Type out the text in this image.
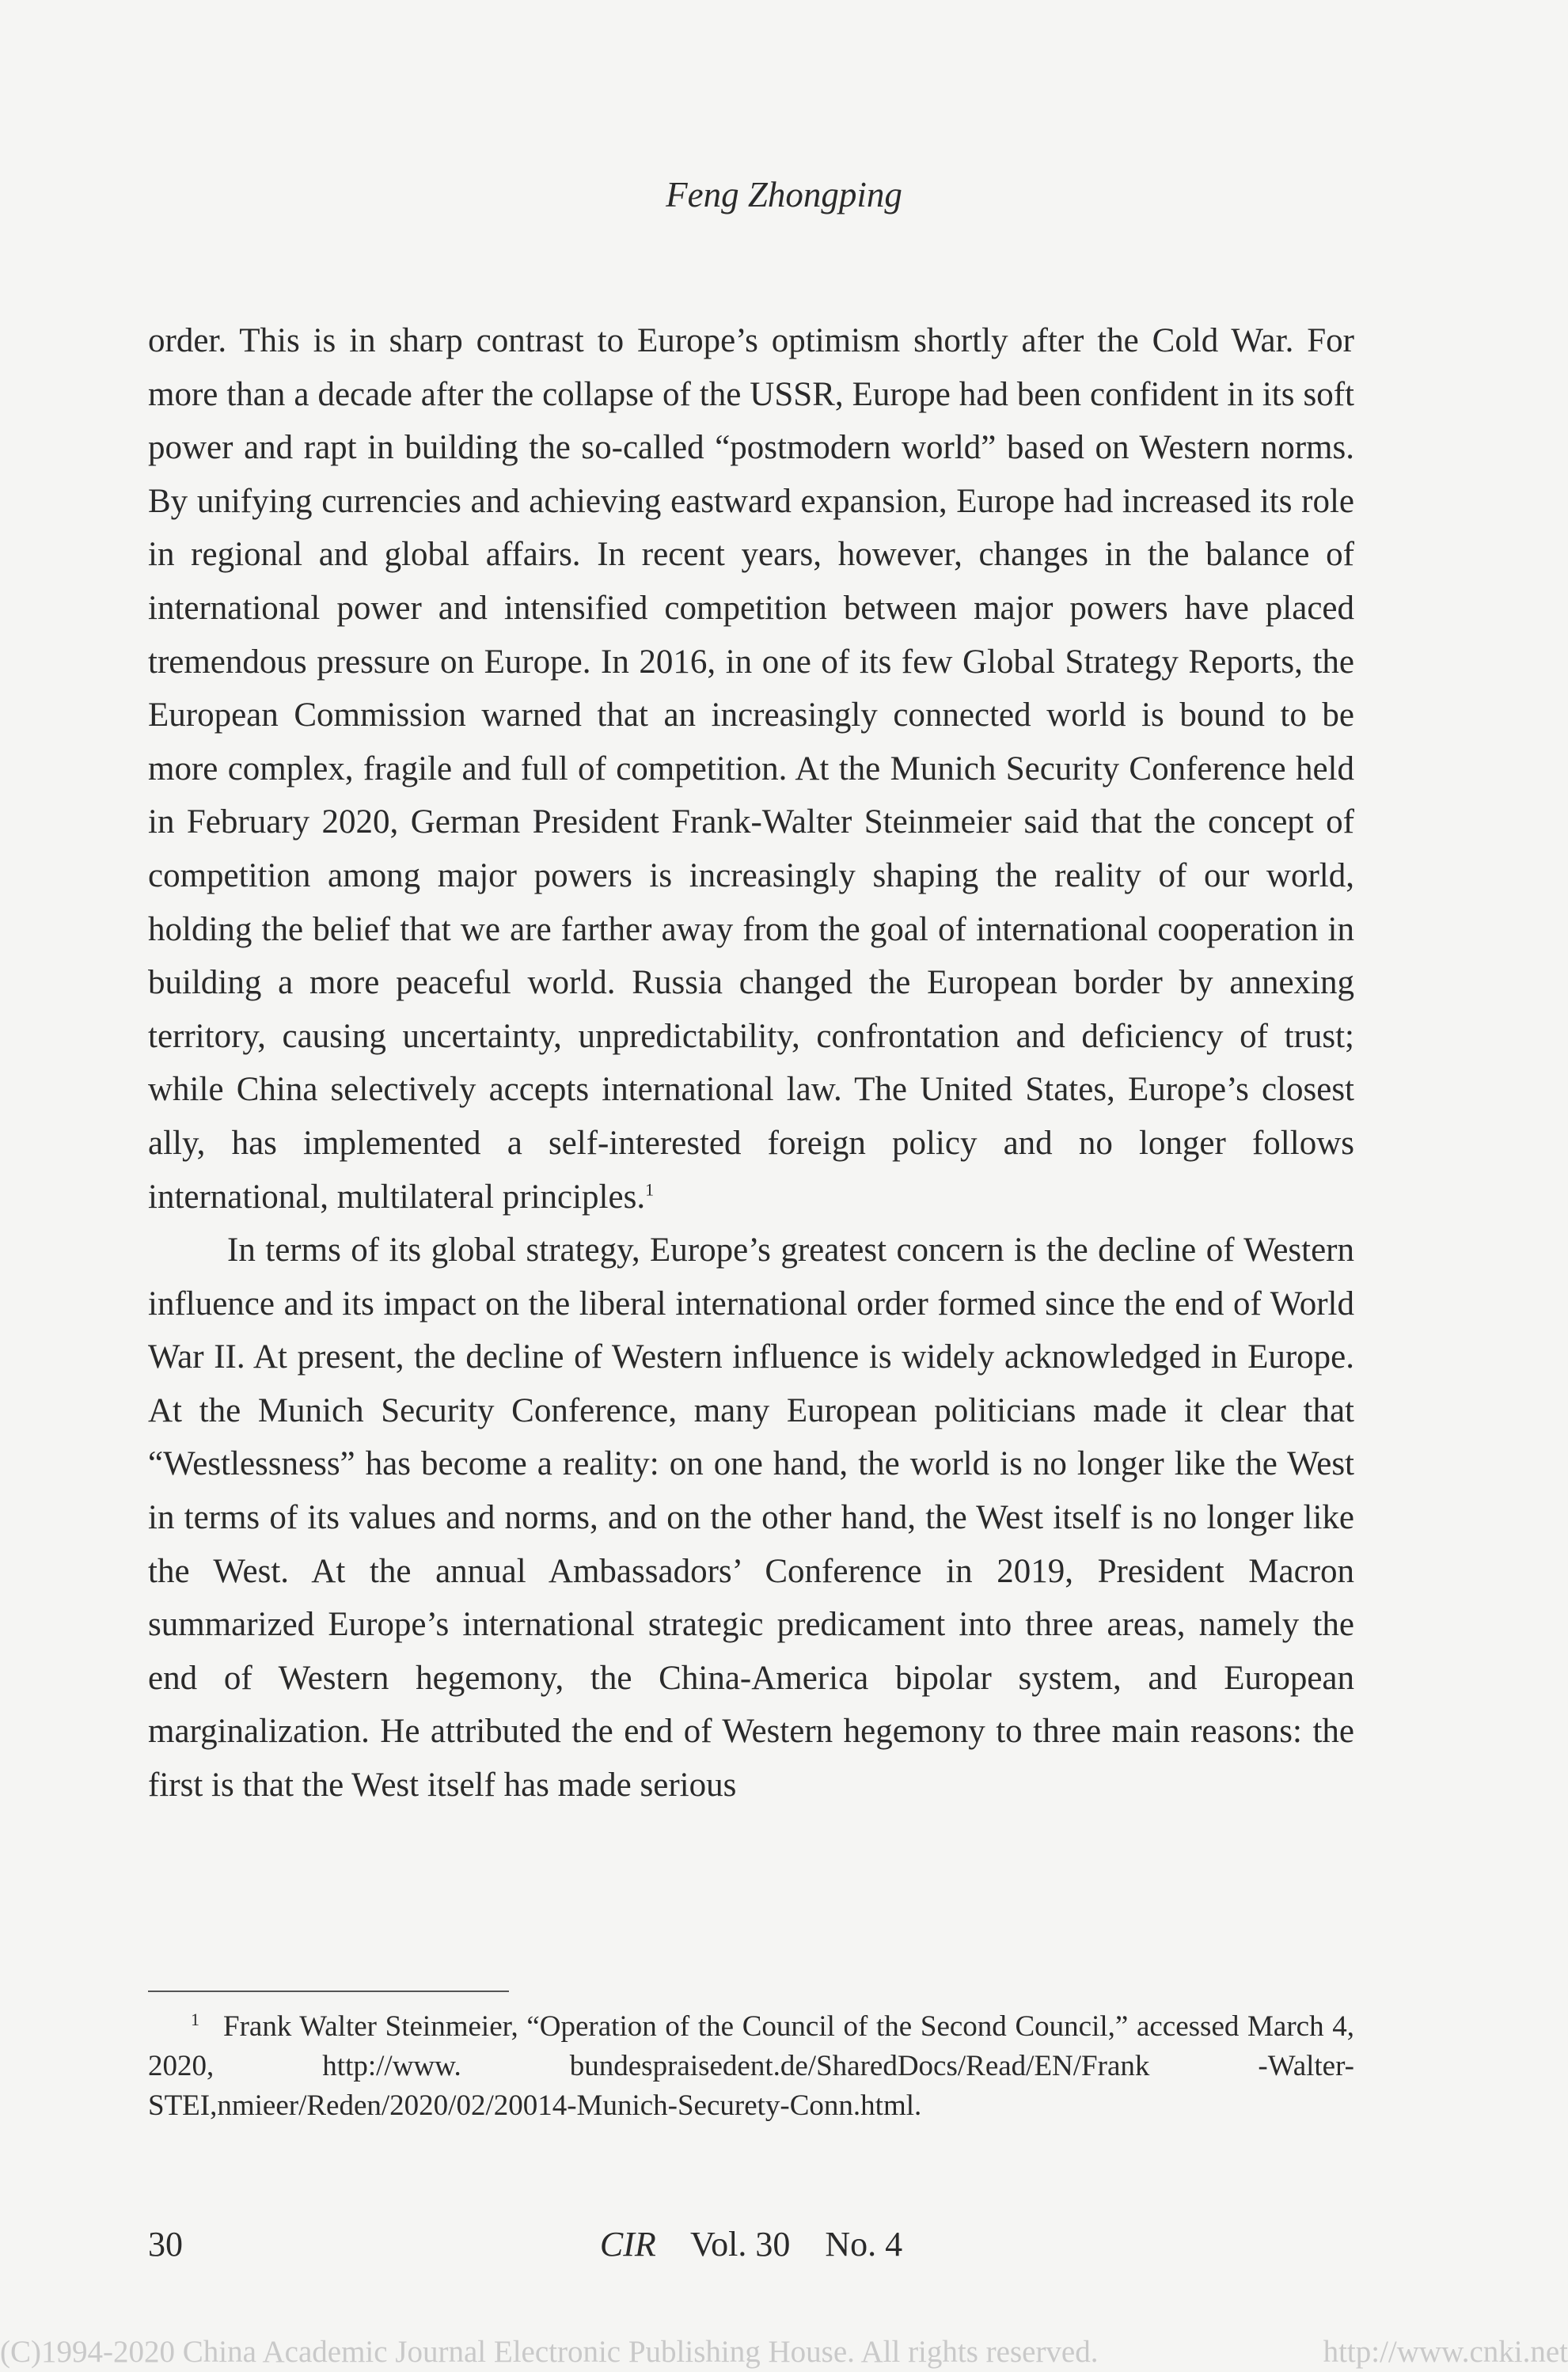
Feng Zhongping

order. This is in sharp contrast to Europe’s optimism shortly after the Cold War. For more than a decade after the collapse of the USSR, Europe had been confident in its soft power and rapt in building the so-called “postmodern world” based on Western norms. By unifying currencies and achieving eastward expansion, Europe had increased its role in regional and global affairs. In recent years, however, changes in the balance of international power and intensified competition between major powers have placed tremendous pressure on Europe. In 2016, in one of its few Global Strategy Reports, the European Commission warned that an increasingly connected world is bound to be more complex, fragile and full of competition. At the Munich Security Conference held in February 2020, German President Frank-Walter Steinmeier said that the concept of competition among major powers is increasingly shaping the reality of our world, holding the belief that we are farther away from the goal of international cooperation in building a more peaceful world. Russia changed the European border by annexing territory, causing uncertainty, unpredictability, confrontation and deficiency of trust; while China selectively accepts international law. The United States, Europe’s closest ally, has implemented a self-interested foreign policy and no longer follows international, multilateral principles.$^1$

In terms of its global strategy, Europe’s greatest concern is the decline of Western influence and its impact on the liberal international order formed since the end of World War II. At present, the decline of Western influence is widely acknowledged in Europe. At the Munich Security Conference, many European politicians made it clear that “Westlessness” has become a reality: on one hand, the world is no longer like the West in terms of its values and norms, and on the other hand, the West itself is no longer like the West. At the annual Ambassadors’ Conference in 2019, President Macron summarized Europe’s international strategic predicament into three areas, namely the end of Western hegemony, the China-America bipolar system, and European marginalization. He attributed the end of Western hegemony to three main reasons: the first is that the West itself has made serious

1 Frank Walter Steinmeier, “Operation of the Council of the Second Council,” accessed March 4, 2020, http://www. bundespraisedent.de/SharedDocs/Read/EN/Frank -Walter-STEI,nmieer/Reden/2020/02/20014-Munich-Securety-Conn.html.

30	CIR Vol. 30    No. 4
(C)1994-2020 China Academic Journal Electronic Publishing House. All rights reserved.	http://www.cnki.net
